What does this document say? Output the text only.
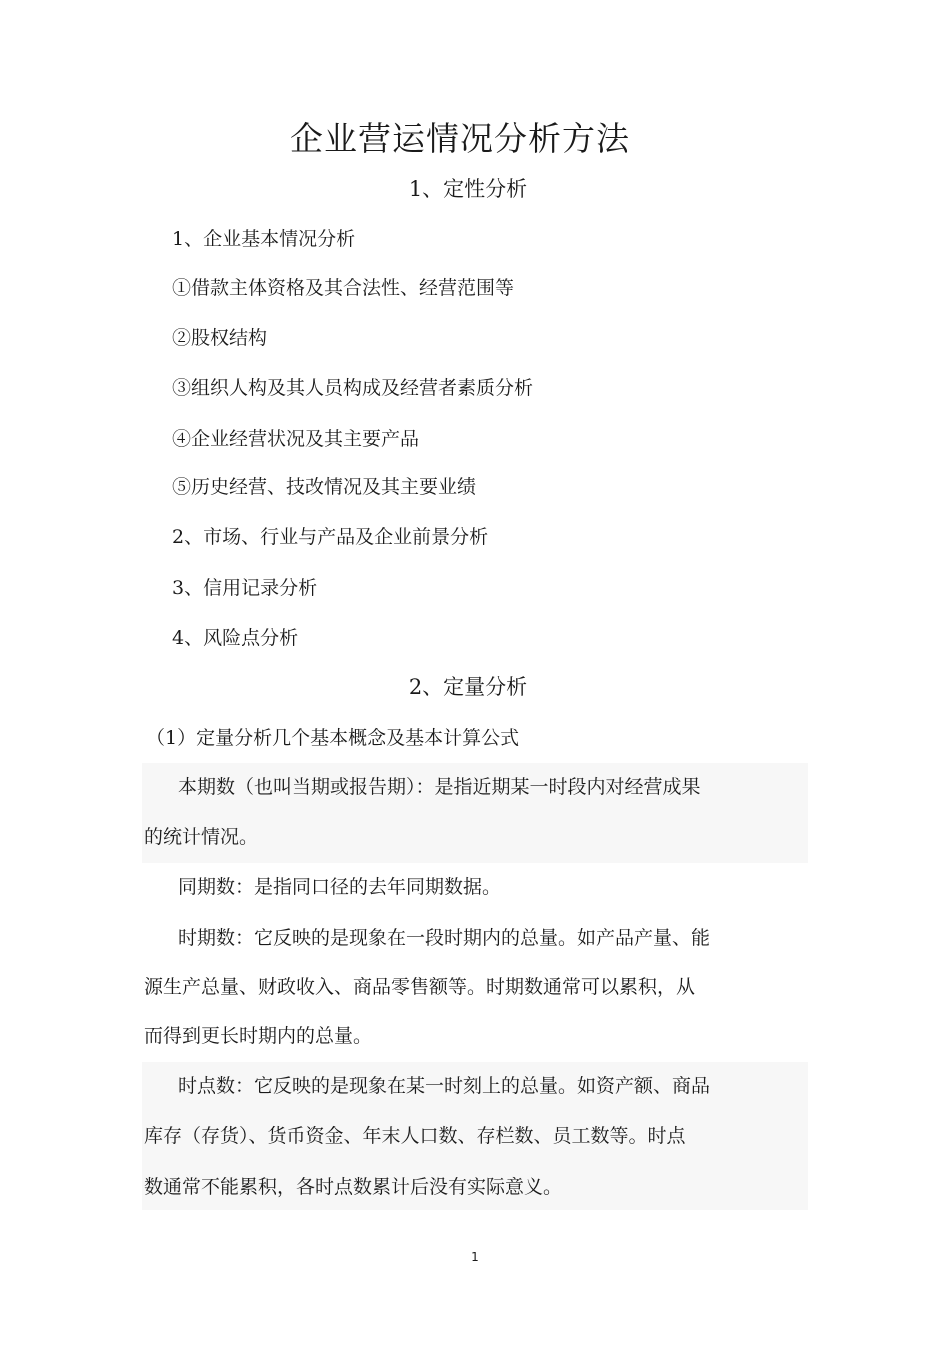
企业营运情况分析方法
1、定性分析
1、企业基本情况分析
①借款主体资格及其合法性、经营范围等
②股权结构
③组织人构及其人员构成及经营者素质分析
④企业经营状况及其主要产品
⑤历史经营、技改情况及其主要业绩
2、市场、行业与产品及企业前景分析
3、信用记录分析
4、风险点分析
2、定量分析
（1）定量分析几个基本概念及基本计算公式
本期数（也叫当期或报告期）：是指近期某一时段内对经营成果
的统计情况。
同期数：是指同口径的去年同期数据。
时期数：它反映的是现象在一段时期内的总量。如产品产量、能
源生产总量、财政收入、商品零售额等。时期数通常可以累积，从
而得到更长时期内的总量。
时点数：它反映的是现象在某一时刻上的总量。如资产额、商品
库存（存货）、货币资金、年末人口数、存栏数、员工数等。时点
数通常不能累积，各时点数累计后没有实际意义。
1
